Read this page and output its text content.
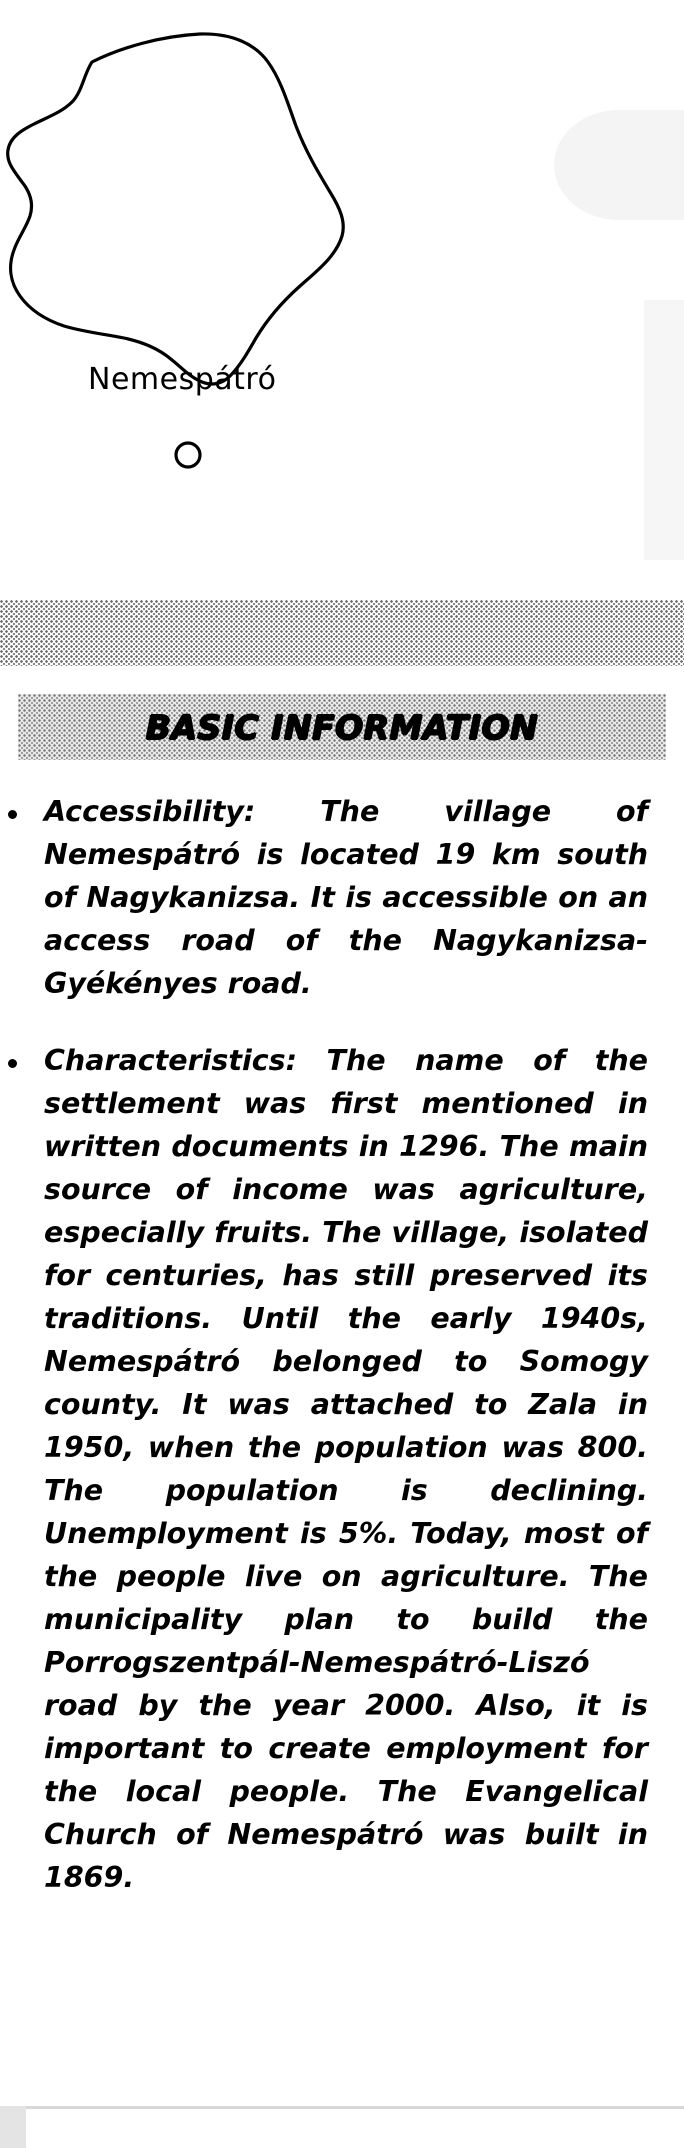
Nemespátró
BASIC INFORMATION

Accessibility: The village of Nemespátró is located 19 km south of Nagykanizsa. It is accessible on an access road of the Nagykanizsa-Gyékényes road.

Characteristics: The name of the settlement was first mentioned in written documents in 1296. The main source of income was agriculture, especially fruits. The village, isolated for centuries, has still preserved its traditions. Until the early 1940s, Nemespátró belonged to Somogy county. It was attached to Zala in 1950, when the population was 800. The population is declining. Unemployment is 5%. Today, most of the people live on agriculture. The municipality plan to build the Porrogszentpál-Nemespátró-Liszó road by the year 2000. Also, it is important to create employment for the local people. The Evangelical Church of Nemespátró was built in 1869.
